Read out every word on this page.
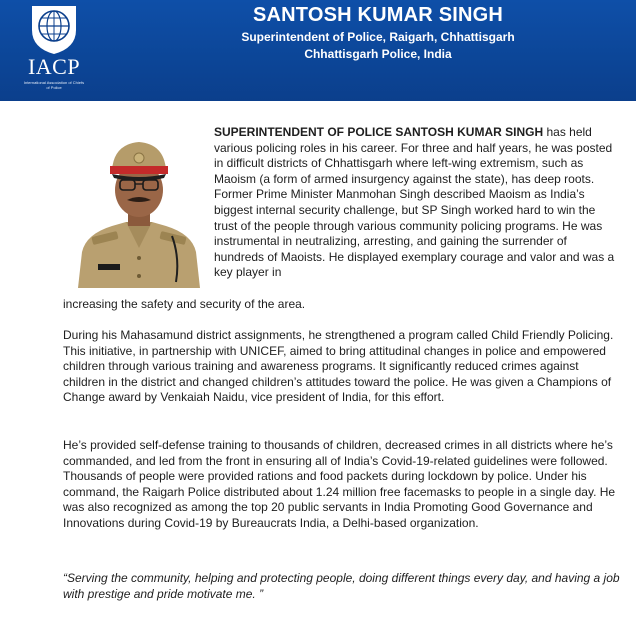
IACP
International Association of Chiefs of Police
SANTOSH KUMAR SINGH
Superintendent of Police, Raigarh, Chhattisgarh
Chhattisgarh Police, India
SUPERINTENDENT OF POLICE SANTOSH KUMAR SINGH has held various policing roles in his career. For three and half years, he was posted in difficult districts of Chhattisgarh where left-wing extremism, such as Maoism (a form of armed insurgency against the state), has deep roots. Former Prime Minister Manmohan Singh described Maoism as India’s biggest internal security challenge, but SP Singh worked hard to win the trust of the people through various community policing programs. He was instrumental in neutralizing, arresting, and gaining the surrender of hundreds of Maoists. He displayed exemplary courage and valor and was a key player in
increasing the safety and security of the area.
During his Mahasamund district assignments, he strengthened a program called Child Friendly Policing. This initiative, in partnership with UNICEF, aimed to bring attitudinal changes in police and empowered children through various training and awareness programs. It significantly reduced crimes against children in the district and changed children’s attitudes toward the police. He was given a Champions of Change award by Venkaiah Naidu, vice president of India, for this effort.
He’s provided self-defense training to thousands of children, decreased crimes in all districts where he’s commanded, and led from the front in ensuring all of India’s Covid-19-related guidelines were followed. Thousands of people were provided rations and food packets during lockdown by police. Under his command, the Raigarh Police distributed about 1.24 million free facemasks to people in a single day. He was also recognized as among the top 20 public servants in India Promoting Good Governance and Innovations during Covid-19 by Bureaucrats India, a Delhi-based organization.
“Serving the community, helping and protecting people, doing different things every day, and having a job with prestige and pride motivate me. ”
